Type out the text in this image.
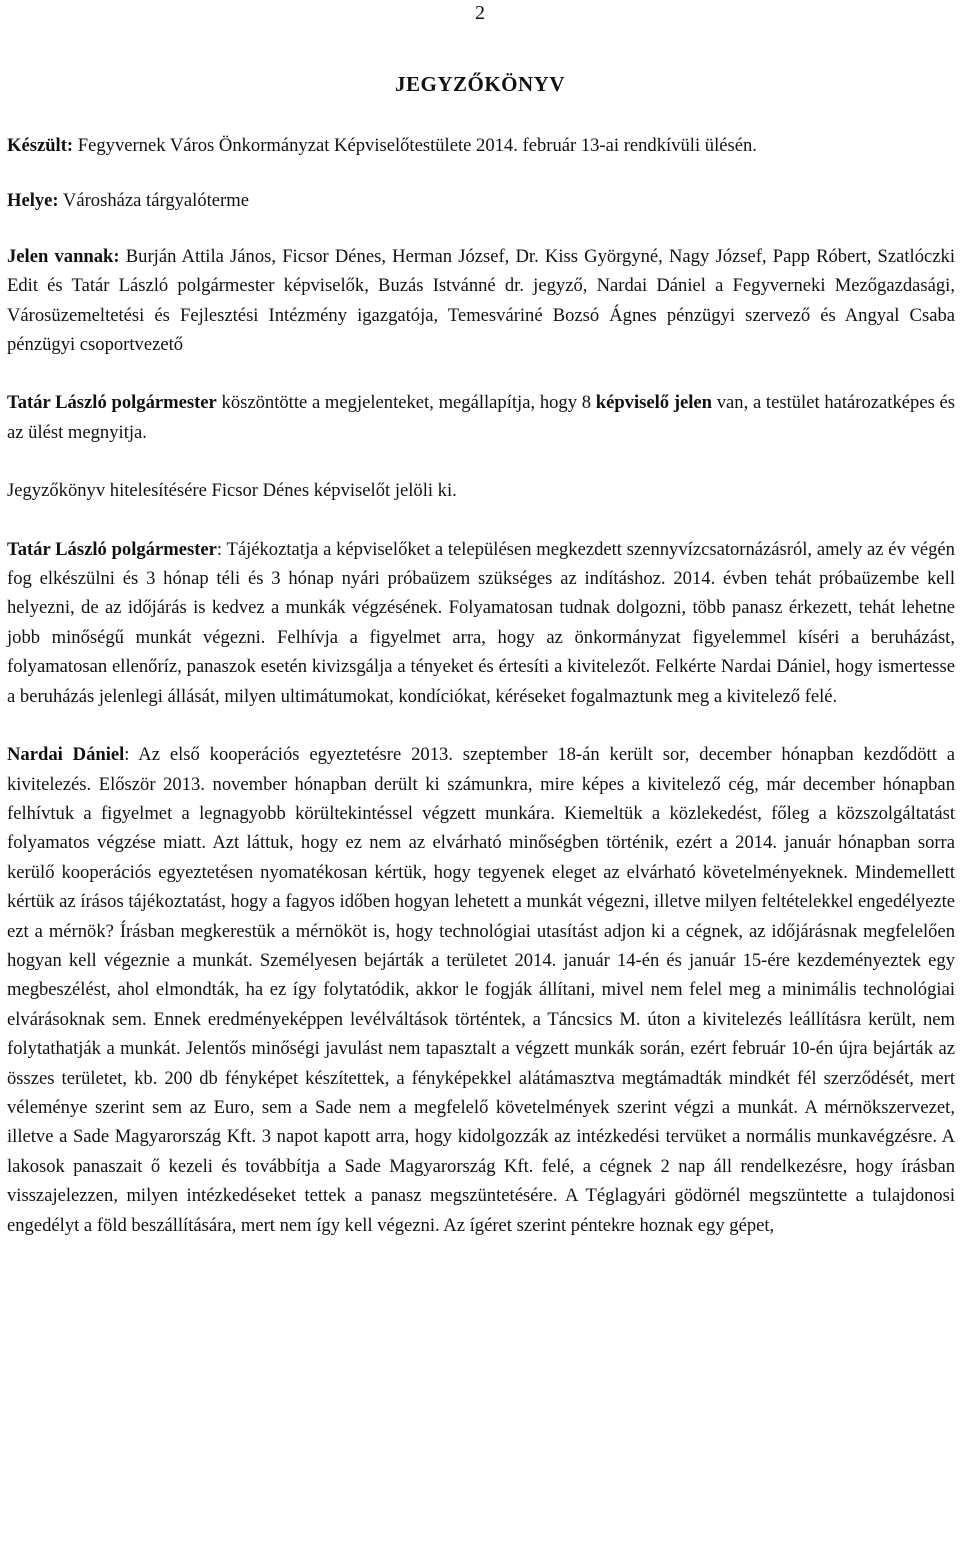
2
JEGYZŐKÖNYV

Készült: Fegyvernek Város Önkormányzat Képviselőtestülete 2014. február 13-ai rendkívüli ülésén.

Helye: Városháza tárgyalóterme

Jelen vannak: Burján Attila János, Ficsor Dénes, Herman József, Dr. Kiss Györgyné, Nagy József, Papp Róbert, Szatlóczki Edit és Tatár László polgármester képviselők, Buzás Istvánné dr. jegyző, Nardai Dániel a Fegyverneki Mezőgazdasági, Városüzemeltetési és Fejlesztési Intézmény igazgatója, Temesváriné Bozsó Ágnes pénzügyi szervező és Angyal Csaba pénzügyi csoportvezető

Tatár László polgármester köszöntötte a megjelenteket, megállapítja, hogy 8 képviselő jelen van, a testület határozatképes és az ülést megnyitja.

Jegyzőkönyv hitelesítésére Ficsor Dénes képviselőt jelöli ki.

Tatár László polgármester: Tájékoztatja a képviselőket a településen megkezdett szennyvízcsatornázásról, amely az év végén fog elkészülni és 3 hónap téli és 3 hónap nyári próbaüzem szükséges az indításhoz. 2014. évben tehát próbaüzembe kell helyezni, de az időjárás is kedvez a munkák végzésének. Folyamatosan tudnak dolgozni, több panasz érkezett, tehát lehetne jobb minőségű munkát végezni. Felhívja a figyelmet arra, hogy az önkormányzat figyelemmel kíséri a beruházást, folyamatosan ellenőríz, panaszok esetén kivizsgálja a tényeket és értesíti a kivitelezőt. Felkérte Nardai Dániel, hogy ismertesse a beruházás jelenlegi állását, milyen ultimátumokat, kondíciókat, kéréseket fogalmaztunk meg a kivitelező felé.

Nardai Dániel: Az első kooperációs egyeztetésre 2013. szeptember 18-án került sor, december hónapban kezdődött a kivitelezés. Először 2013. november hónapban derült ki számunkra, mire képes a kivitelező cég, már december hónapban felhívtuk a figyelmet a legnagyobb körültekintéssel végzett munkára. Kiemeltük a közlekedést, főleg a közszolgáltatást folyamatos végzése miatt. Azt láttuk, hogy ez nem az elvárható minőségben történik, ezért a 2014. január hónapban sorra kerülő kooperációs egyeztetésen nyomatékosan kértük, hogy tegyenek eleget az elvárható követelményeknek. Mindemellett kértük az írásos tájékoztatást, hogy a fagyos időben hogyan lehetett a munkát végezni, illetve milyen feltételekkel engedélyezte ezt a mérnök? Írásban megkerestük a mérnököt is, hogy technológiai utasítást adjon ki a cégnek, az időjárásnak megfelelően hogyan kell végeznie a munkát. Személyesen bejárták a területet 2014. január 14-én és január 15-ére kezdeményeztek egy megbeszélést, ahol elmondták, ha ez így folytatódik, akkor le fogják állítani, mivel nem felel meg a minimális technológiai elvárásoknak sem. Ennek eredményeképpen levélváltások történtek, a Táncsics M. úton a kivitelezés leállításra került, nem folytathatják a munkát. Jelentős minőségi javulást nem tapasztalt a végzett munkák során, ezért február 10-én újra bejárták az összes területet, kb. 200 db fényképet készítettek, a fényképekkel alátámasztva megtámadták mindkét fél szerződését, mert véleménye szerint sem az Euro, sem a Sade nem a megfelelő követelmények szerint végzi a munkát. A mérnökszervezet, illetve a Sade Magyarország Kft. 3 napot kapott arra, hogy kidolgozzák az intézkedési tervüket a normális munkavégzésre. A lakosok panaszait ő kezeli és továbbítja a Sade Magyarország Kft. felé, a cégnek 2 nap áll rendelkezésre, hogy írásban visszajelezzen, milyen intézkedéseket tettek a panasz megszüntetésére. A Téglagyári gödörnél megszüntette a tulajdonosi engedélyt a föld beszállítására, mert nem így kell végezni. Az ígéret szerint péntekre hoznak egy gépet,
